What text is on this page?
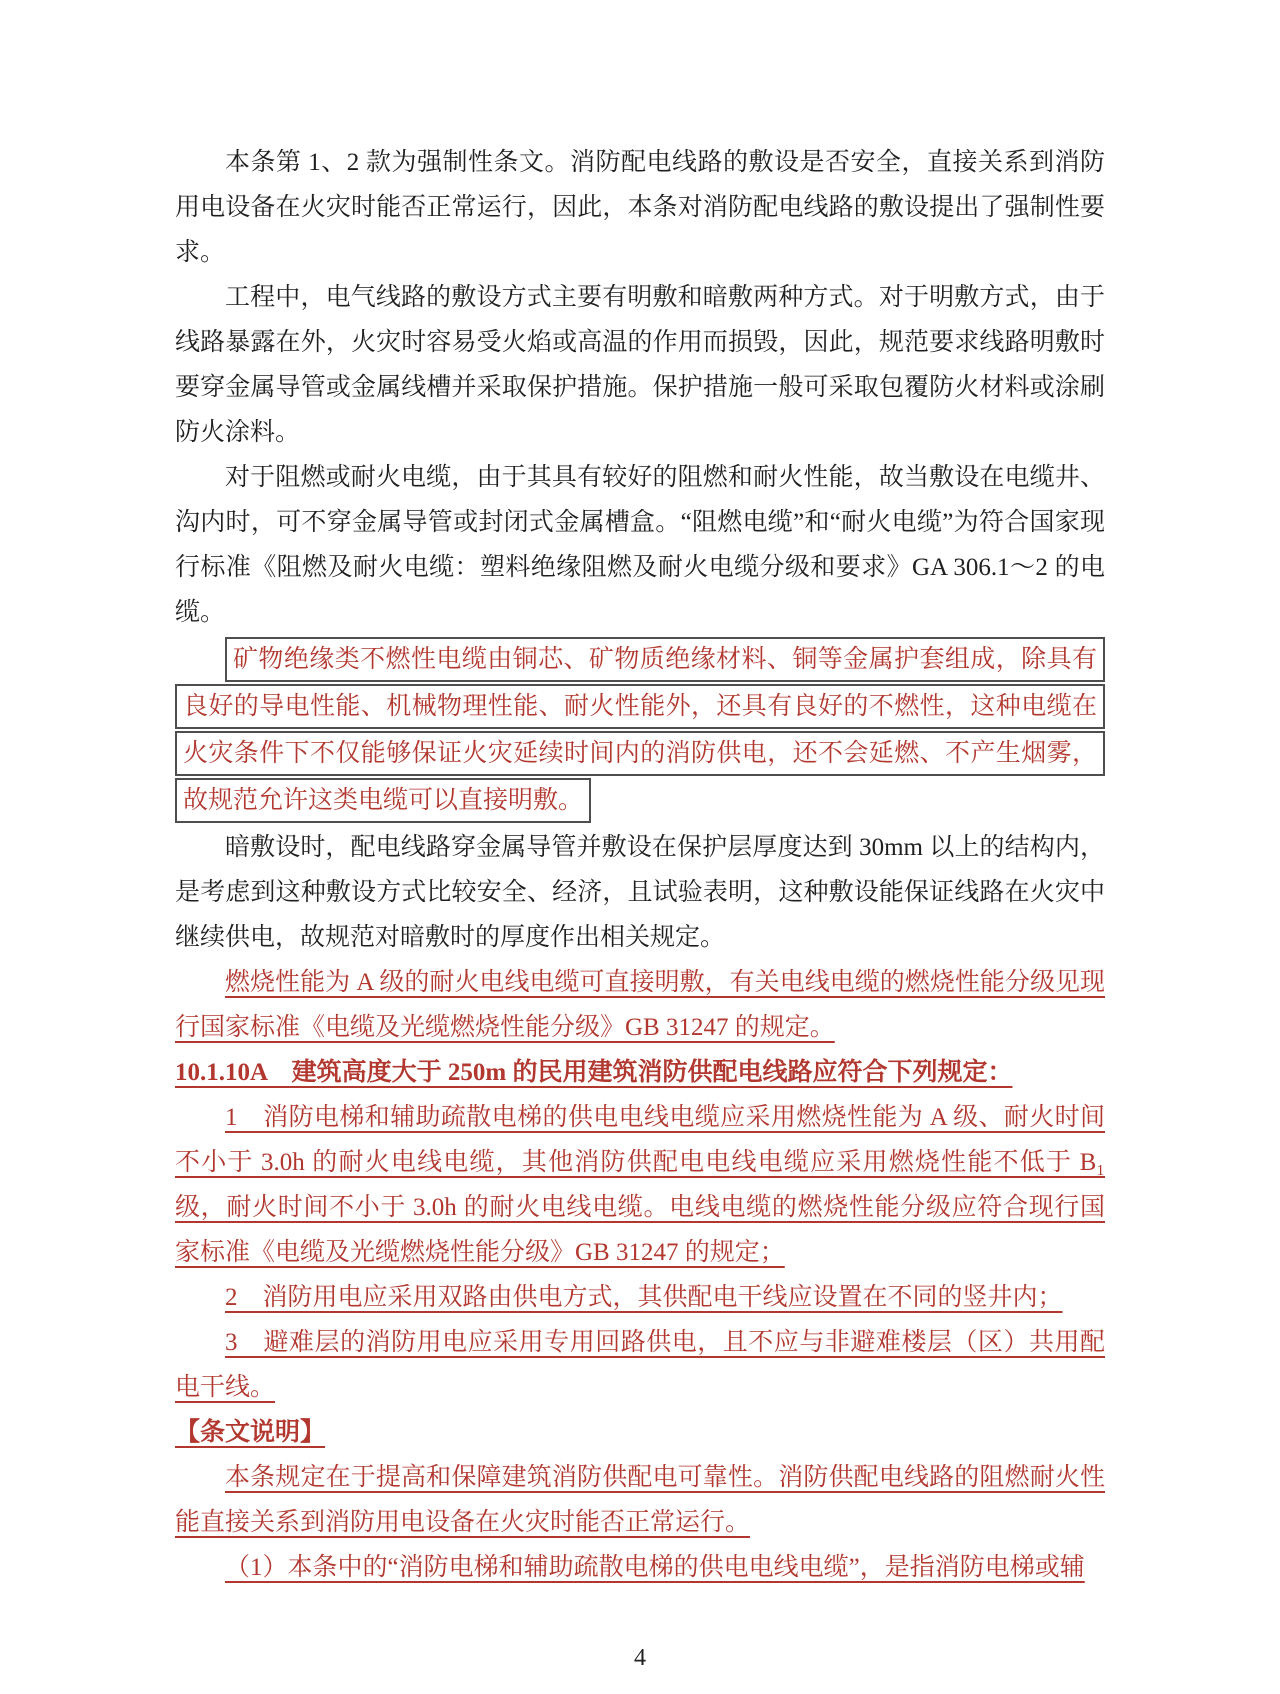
本条第 1、2 款为强制性条文。消防配电线路的敷设是否安全，直接关系到消防用电设备在火灾时能否正常运行，因此，本条对消防配电线路的敷设提出了强制性要求。

工程中，电气线路的敷设方式主要有明敷和暗敷两种方式。对于明敷方式，由于线路暴露在外，火灾时容易受火焰或高温的作用而损毁，因此，规范要求线路明敷时要穿金属导管或金属线槽并采取保护措施。保护措施一般可采取包覆防火材料或涂刷防火涂料。

对于阻燃或耐火电缆，由于其具有较好的阻燃和耐火性能，故当敷设在电缆井、沟内时，可不穿金属导管或封闭式金属槽盒。“阻燃电缆”和“耐火电缆”为符合国家现行标准《阻燃及耐火电缆：塑料绝缘阻燃及耐火电缆分级和要求》GA 306.1～2 的电缆。

矿物绝缘类不燃性电缆由铜芯、矿物质绝缘材料、铜等金属护套组成，除具有
良好的导电性能、机械物理性能、耐火性能外，还具有良好的不燃性，这种电缆在
火灾条件下不仅能够保证火灾延续时间内的消防供电，还不会延燃、不产生烟雾，
故规范允许这类电缆可以直接明敷。

暗敷设时，配电线路穿金属导管并敷设在保护层厚度达到 30mm 以上的结构内，是考虑到这种敷设方式比较安全、经济，且试验表明，这种敷设能保证线路在火灾中继续供电，故规范对暗敷时的厚度作出相关规定。

燃烧性能为 A 级的耐火电线电缆可直接明敷，有关电线电缆的燃烧性能分级见现行国家标准《电缆及光缆燃烧性能分级》GB 31247 的规定。

10.1.10A　建筑高度大于 250m 的民用建筑消防供配电线路应符合下列规定：

1　消防电梯和辅助疏散电梯的供电电线电缆应采用燃烧性能为 A 级、耐火时间不小于 3.0h 的耐火电线电缆，其他消防供配电电线电缆应采用燃烧性能不低于 B₁ 级，耐火时间不小于 3.0h 的耐火电线电缆。电线电缆的燃烧性能分级应符合现行国家标准《电缆及光缆燃烧性能分级》GB 31247 的规定；

2　消防用电应采用双路由供电方式，其供配电干线应设置在不同的竖井内；

3　避难层的消防用电应采用专用回路供电，且不应与非避难楼层（区）共用配电干线。

【条文说明】

本条规定在于提高和保障建筑消防供配电可靠性。消防供配电线路的阻燃耐火性能直接关系到消防用电设备在火灾时能否正常运行。

（1）本条中的“消防电梯和辅助疏散电梯的供电电线电缆”，是指消防电梯或辅

4
